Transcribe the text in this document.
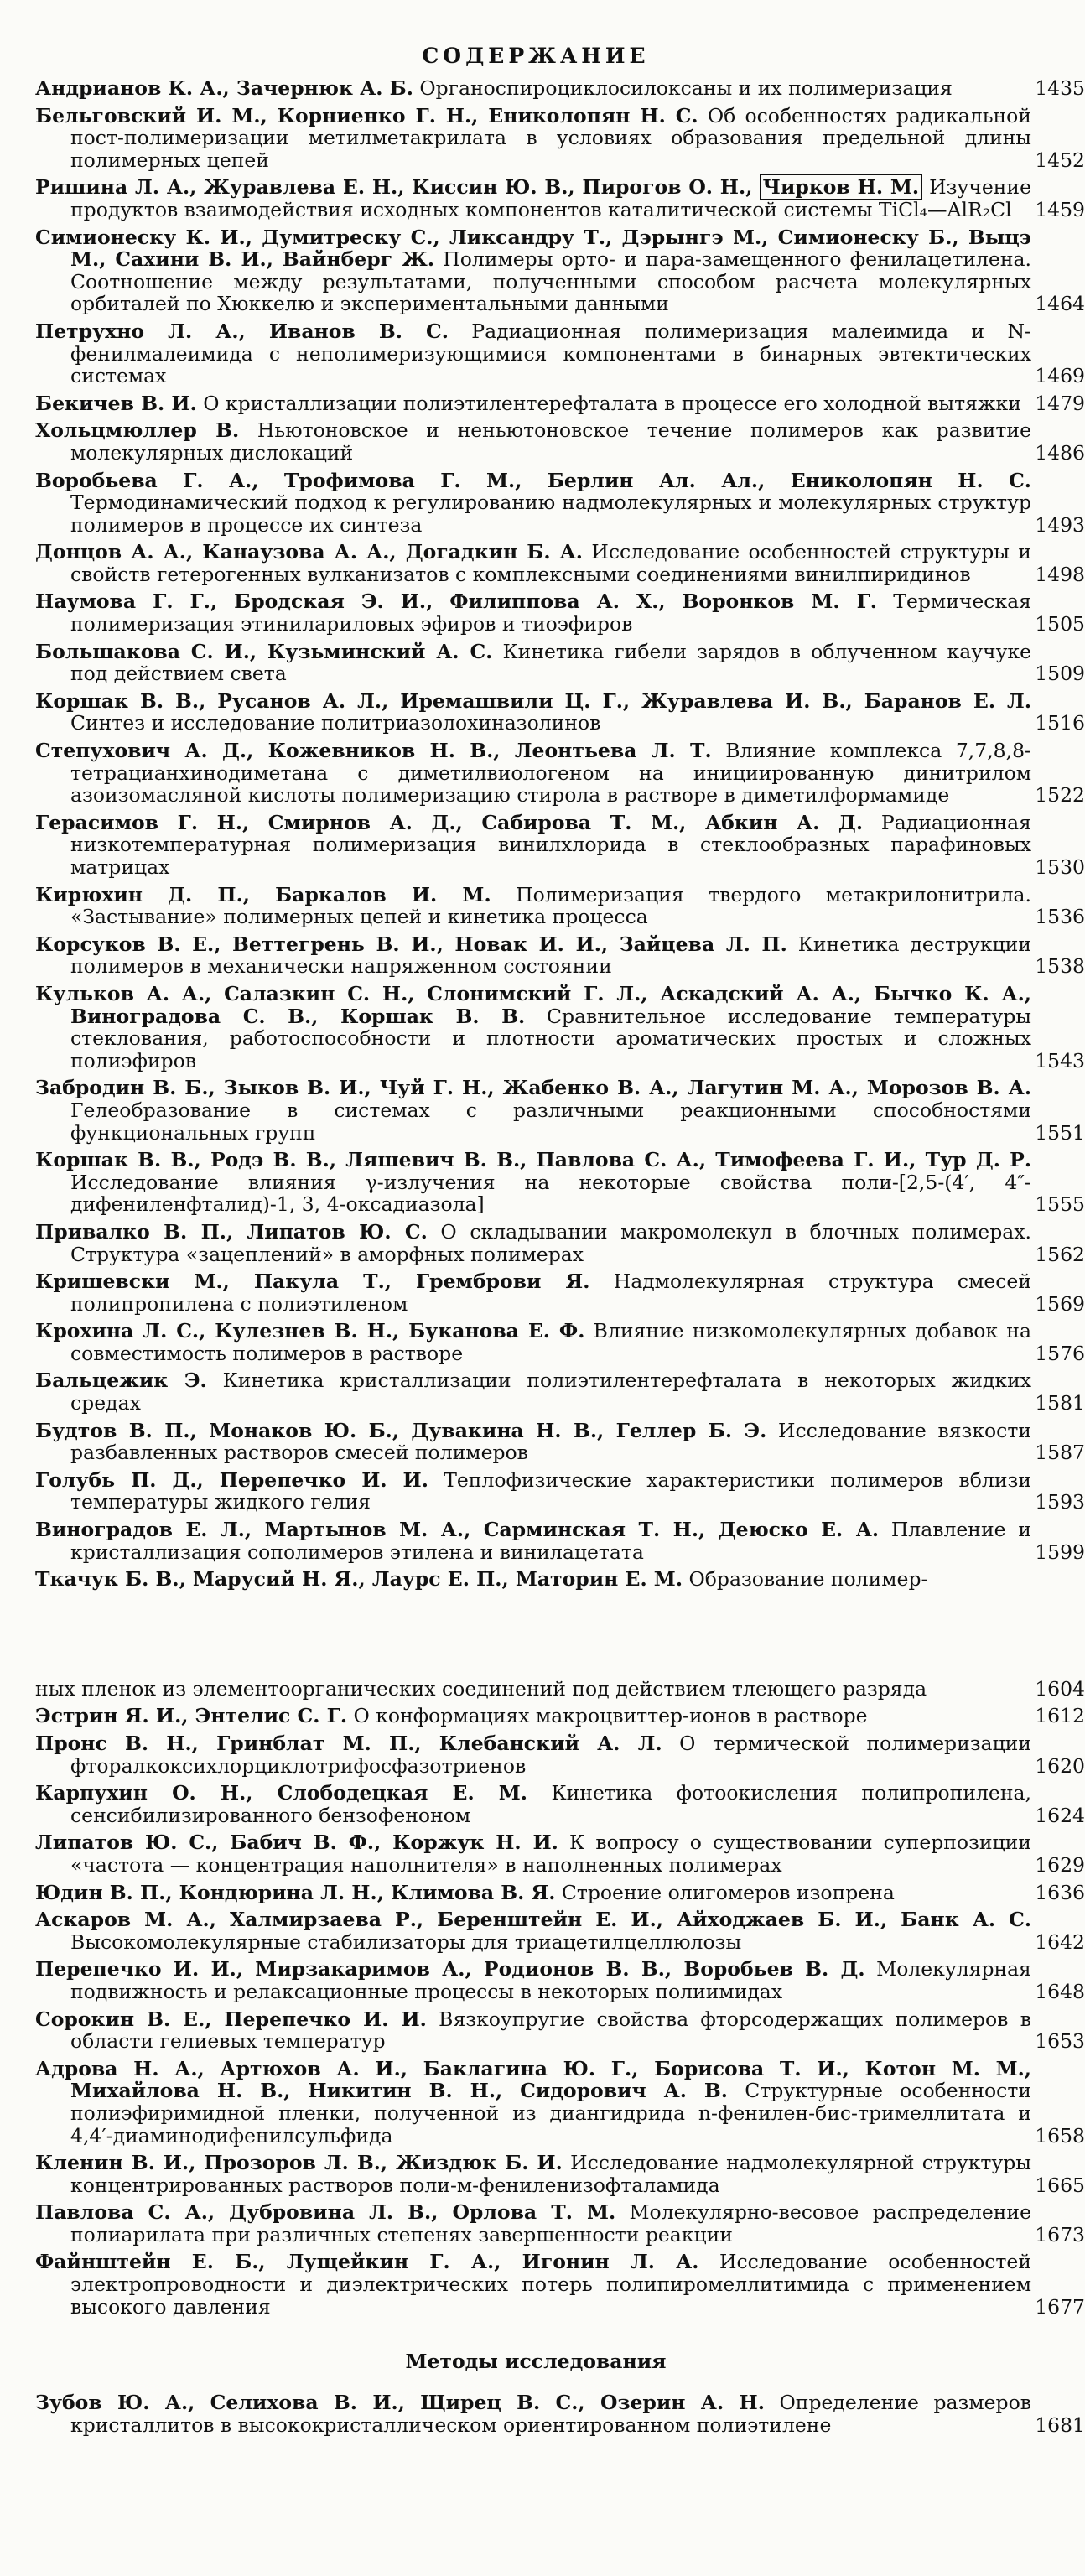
СОДЕРЖАНИЕ
Андрианов К. А., Зачернюк А. Б. Органоспироциклосилоксаны и их полимеризация	1435
Бельговский И. М., Корниенко Г. Н., Ениколопян Н. С. Об особенностях радикальной пост-полимеризации метилметакрилата в условиях образования предельной длины полимерных цепей	1452
Ришина Л. А., Журавлева Е. Н., Киссин Ю. В., Пирогов О. Н., Чирков Н. М. Изучение продуктов взаимодействия исходных компонентов каталитической системы TiCl₄—AlR₂Cl 1459
Симионеску К. И., Думитреску С., Ликсандру Т., Дэрынгэ М., Симионеску Б., Выцэ М., Сахини В. И., Вайнберг Ж. Полимеры орто- и пара-замещенного фенилацетилена. Соотношение между результатами, полученными способом расчета молекулярных орбиталей по Хюккелю и экспериментальными данными	1464
Петрухно Л. А., Иванов В. С. Радиационная полимеризация малеимида и N-фенилмалеимида с неполимеризующимися компонентами в бинарных эвтектических системах	1469
Бекичев В. И. О кристаллизации полиэтилентерефталата в процессе его холодной вытяжки 1479
Хольцмюллер В. Ньютоновское и неньютоновское течение полимеров как развитие молекулярных дислокаций	1486
Воробьева Г. А., Трофимова Г. М., Берлин Ал. Ал., Ениколопян Н. С. Термодинамический подход к регулированию надмолекулярных и молекулярных структур полимеров в процессе их синтеза	1493
Донцов А. А., Канаузова А. А., Догадкин Б. А. Исследование особенностей структуры и свойств гетерогенных вулканизатов с комплексными соединениями винилпиридинов	1498
Наумова Г. Г., Бродская Э. И., Филиппова А. Х., Воронков М. Г. Термическая полимеризация этинилариловых эфиров и тиоэфиров	1505
Большакова С. И., Кузьминский А. С. Кинетика гибели зарядов в облученном каучуке под действием света	1509
Коршак В. В., Русанов А. Л., Иремашвили Ц. Г., Журавлева И. В., Баранов Е. Л. Синтез и исследование политриазолохиназолинов	1516
Степухович А. Д., Кожевников Н. В., Леонтьева Л. Т. Влияние комплекса 7,7,8,8-тетрацианхинодиметана с диметилвиологеном на инициированную динитрилом азоизомасляной кислоты полимеризацию стирола в растворе в диметилформамиде	1522
Герасимов Г. Н., Смирнов А. Д., Сабирова Т. М., Абкин А. Д. Радиационная низкотемпературная полимеризация винилхлорида в стеклообразных парафиновых матрицах	1530
Кирюхин Д. П., Баркалов И. М. Полимеризация твердого метакрилонитрила. «Застывание» полимерных цепей и кинетика процесса	1536
Корсуков В. Е., Веттегрень В. И., Новак И. И., Зайцева Л. П. Кинетика деструкции полимеров в механически напряженном состоянии	1538
Кульков А. А., Салазкин С. Н., Слонимский Г. Л., Аскадский А. А., Бычко К. А., Виноградова С. В., Коршак В. В. Сравнительное исследование температуры стеклования, работоспособности и плотности ароматических простых и сложных полиэфиров	1543
Забродин В. Б., Зыков В. И., Чуй Г. Н., Жабенко В. А., Лагутин М. А., Морозов В. А. Гелеобразование в системах с различными реакционными способностями функциональных групп	1551
Коршак В. В., Родэ В. В., Ляшевич В. В., Павлова С. А., Тимофеева Г. И., Тур Д. Р. Исследование влияния γ-излучения на некоторые свойства поли-[2,5-(4′, 4″-дифениленфталид)-1, 3, 4-оксадиазола]	1555
Привалко В. П., Липатов Ю. С. О складывании макромолекул в блочных полимерах. Структура «зацеплений» в аморфных полимерах	1562
Кришевски М., Пакула Т., Гремброви Я. Надмолекулярная структура смесей полипропилена с полиэтиленом	1569
Крохина Л. С., Кулезнев В. Н., Буканова Е. Ф. Влияние низкомолекулярных добавок на совместимость полимеров в растворе	1576
Бальцежик Э. Кинетика кристаллизации полиэтилентерефталата в некоторых жидких средах	1581
Будтов В. П., Монаков Ю. Б., Дувакина Н. В., Геллер Б. Э. Исследование вязкости разбавленных растворов смесей полимеров	1587
Голубь П. Д., Перепечко И. И. Теплофизические характеристики полимеров вблизи температуры жидкого гелия	1593
Виноградов Е. Л., Мартынов М. А., Сарминская Т. Н., Деюско Е. А. Плавление и кристаллизация сополимеров этилена и винилацетата	1599
Ткачук Б. В., Марусий Н. Я., Лаурс Е. П., Маторин Е. М. Образование полимер-
ных пленок из элементоорганических соединений под действием тлеющего разряда	1604
Эстрин Я. И., Энтелис С. Г. О конформациях макроцвиттер-ионов в растворе	1612
Пронс В. Н., Гринблат М. П., Клебанский А. Л. О термической полимеризации фторалкоксихлорциклотрифосфазотриенов	1620
Карпухин О. Н., Слободецкая Е. М. Кинетика фотоокисления полипропилена, сенсибилизированного бензофеноном	1624
Липатов Ю. С., Бабич В. Ф., Коржук Н. И. К вопросу о существовании суперпозиции «частота — концентрация наполнителя» в наполненных полимерах	1629
Юдин В. П., Кондюрина Л. Н., Климова В. Я. Строение олигомеров изопрена	1636
Аскаров М. А., Халмирзаева Р., Беренштейн Е. И., Айходжаев Б. И., Банк А. С. Высокомолекулярные стабилизаторы для триацетилцеллюлозы	1642
Перепечко И. И., Мирзакаримов А., Родионов В. В., Воробьев В. Д. Молекулярная подвижность и релаксационные процессы в некоторых полиимидах	1648
Сорокин В. Е., Перепечко И. И. Вязкоупругие свойства фторсодержащих полимеров в области гелиевых температур	1653
Адрова Н. А., Артюхов А. И., Баклагина Ю. Г., Борисова Т. И., Котон М. М., Михайлова Н. В., Никитин В. Н., Сидорович А. В. Структурные особенности полиэфиримидной пленки, полученной из диангидрида n-фенилен-бис-тримеллитата и 4,4′-диаминодифенилсульфида	1658
Кленин В. И., Прозоров Л. В., Жиздюк Б. И. Исследование надмолекулярной структуры концентрированных растворов поли-м-фениленизофталамида	1665
Павлова С. А., Дубровина Л. В., Орлова Т. М. Молекулярно-весовое распределение полиарилата при различных степенях завершенности реакции	1673
Файнштейн Е. Б., Лущейкин Г. А., Игонин Л. А. Исследование особенностей электропроводности и диэлектрических потерь полипиромеллитимида с применением высокого давления	1677
Методы исследования
Зубов Ю. А., Селихова В. И., Щирец В. С., Озерин А. Н. Определение размеров кристаллитов в высококристаллическом ориентированном полиэтилене	1681
